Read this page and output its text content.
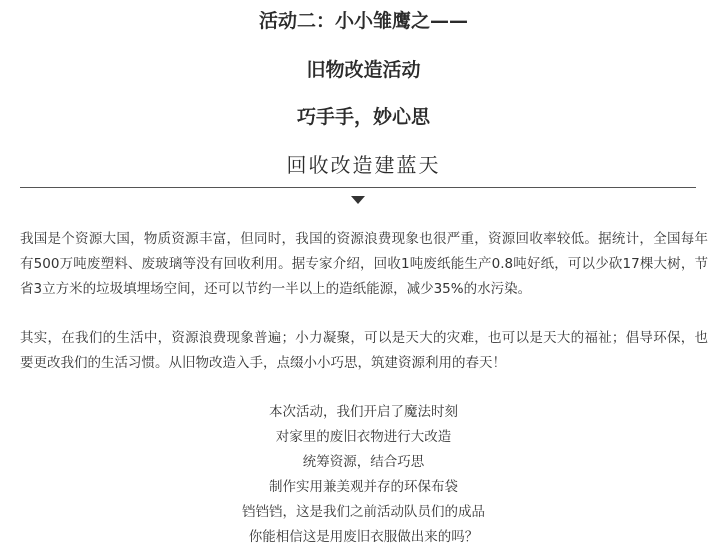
活动二：小小雏鹰之——
旧物改造活动
巧手手，妙心思
回收改造建蓝天

我国是个资源大国，物质资源丰富，但同时，我国的资源浪费现象也很严重，资源回收率较低。据统计，全国每年有500万吨废塑料、废玻璃等没有回收利用。据专家介绍，回收1吨废纸能生产0.8吨好纸，可以少砍17棵大树，节省3立方米的垃圾填埋场空间，还可以节约一半以上的造纸能源，减少35%的水污染。

其实，在我们的生活中，资源浪费现象普遍；小力凝聚，可以是天大的灾难，也可以是天大的福祉；倡导环保，也要更改我们的生活习惯。从旧物改造入手，点缀小小巧思，筑建资源利用的春天！

本次活动，我们开启了魔法时刻
对家里的废旧衣物进行大改造
统筹资源，结合巧思
制作实用兼美观并存的环保布袋
铛铛铛，这是我们之前活动队员们的成品
你能相信这是用废旧衣服做出来的吗？
